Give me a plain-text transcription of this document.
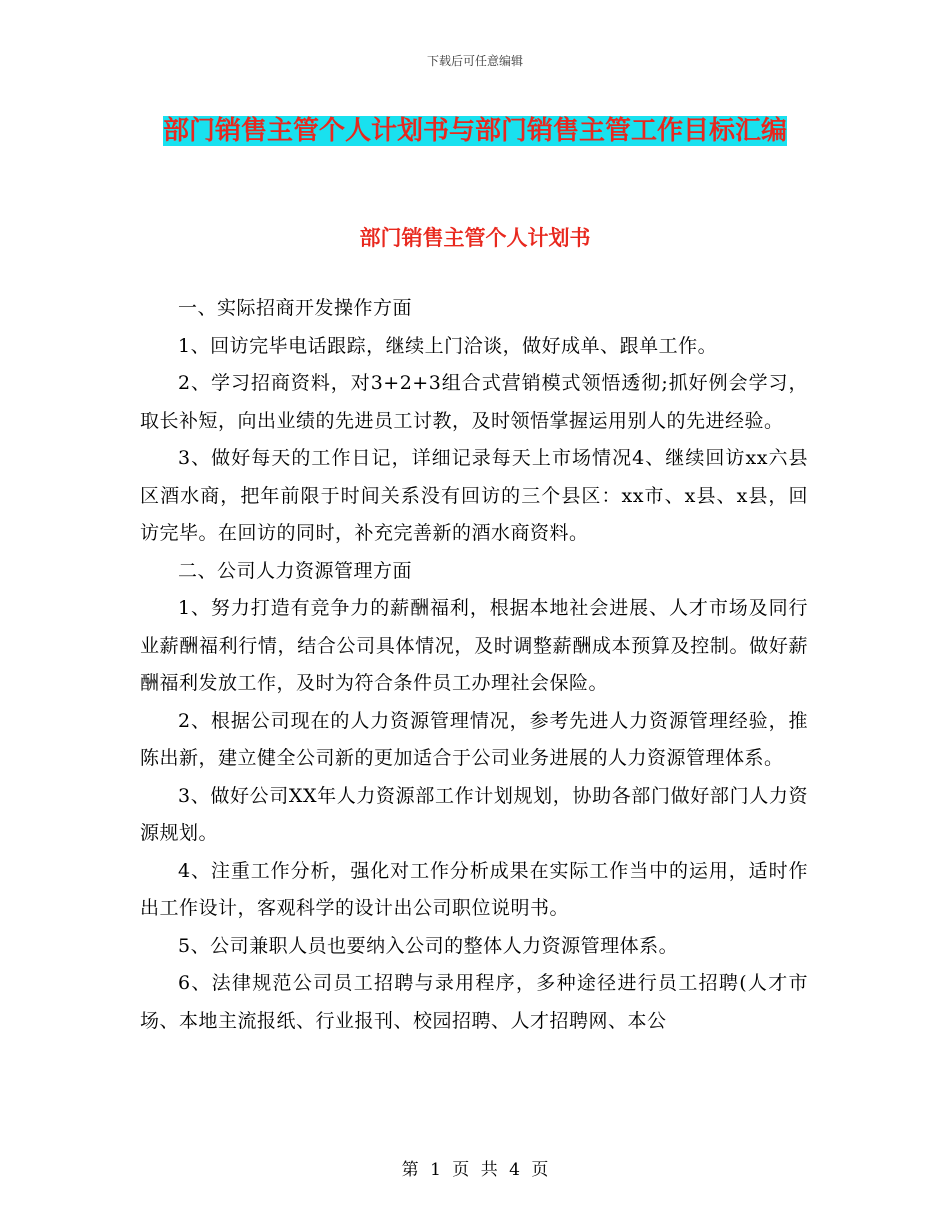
下载后可任意编辑
部门销售主管个人计划书与部门销售主管工作目标汇编
部门销售主管个人计划书

一、实际招商开发操作方面

1、回访完毕电话跟踪，继续上门洽谈，做好成单、跟单工作。

2、学习招商资料，对3+2+3组合式营销模式领悟透彻;抓好例会学习，取长补短，向出业绩的先进员工讨教，及时领悟掌握运用别人的先进经验。

3、做好每天的工作日记，详细记录每天上市场情况4、继续回访xx六县区酒水商，把年前限于时间关系没有回访的三个县区：xx市、x县、x县，回访完毕。在回访的同时，补充完善新的酒水商资料。

二、公司人力资源管理方面

1、努力打造有竞争力的薪酬福利，根据本地社会进展、人才市场及同行业薪酬福利行情，结合公司具体情况，及时调整薪酬成本预算及控制。做好薪酬福利发放工作，及时为符合条件员工办理社会保险。

2、根据公司现在的人力资源管理情况，参考先进人力资源管理经验，推陈出新，建立健全公司新的更加适合于公司业务进展的人力资源管理体系。

3、做好公司XX年人力资源部工作计划规划，协助各部门做好部门人力资源规划。

4、注重工作分析，强化对工作分析成果在实际工作当中的运用，适时作出工作设计，客观科学的设计出公司职位说明书。

5、公司兼职人员也要纳入公司的整体人力资源管理体系。

6、法律规范公司员工招聘与录用程序，多种途径进行员工招聘(人才市场、本地主流报纸、行业报刊、校园招聘、人才招聘网、本公

第 1 页 共 4 页
